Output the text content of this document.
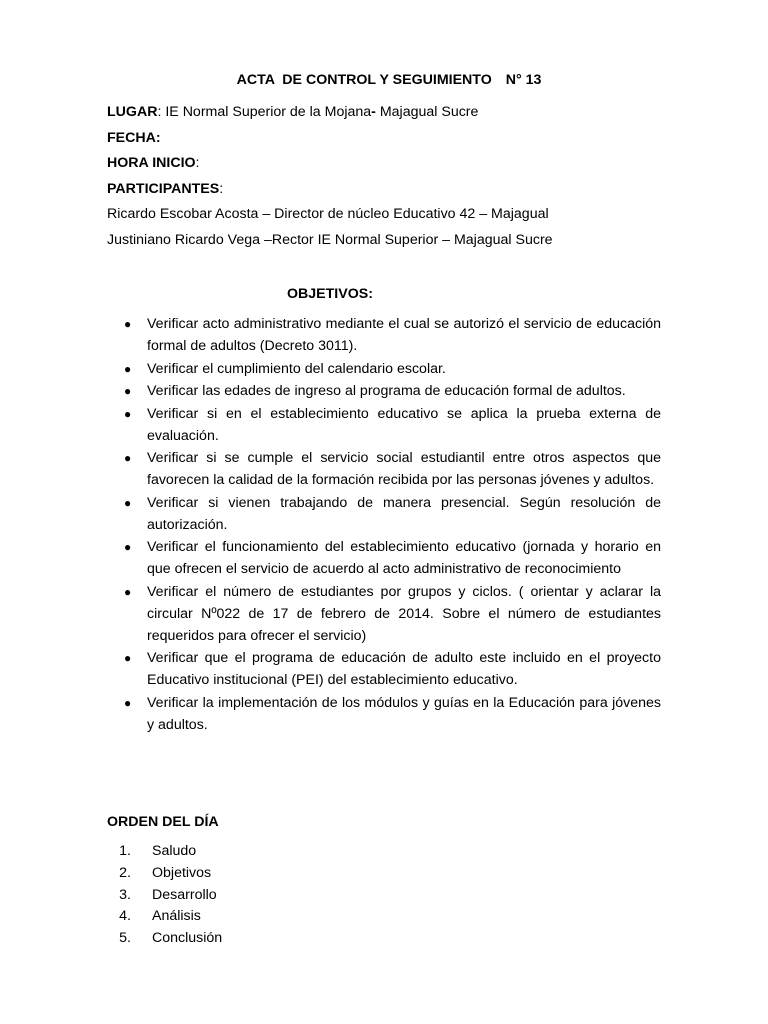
ACTA  DE CONTROL Y SEGUIMIENTO N° 13
LUGAR: IE Normal Superior de la Mojana- Majagual Sucre
FECHA:
HORA INICIO:
PARTICIPANTES:
Ricardo Escobar Acosta – Director de núcleo Educativo 42 – Majagual
Justiniano Ricardo Vega –Rector IE Normal Superior – Majagual Sucre
OBJETIVOS:
● Verificar acto administrativo mediante el cual se autorizó el servicio de educación formal de adultos (Decreto 3011).
● Verificar el cumplimiento del calendario escolar.
● Verificar las edades de ingreso al programa de educación formal de adultos.
● Verificar si en el establecimiento educativo se aplica la prueba externa de evaluación.
● Verificar si se cumple el servicio social estudiantil entre otros aspectos que favorecen la calidad de la formación recibida por las personas jóvenes y adultos.
● Verificar si vienen trabajando de manera presencial. Según resolución de autorización.
● Verificar el funcionamiento del establecimiento educativo (jornada y horario en que ofrecen el servicio de acuerdo al acto administrativo de reconocimiento
● Verificar el número de estudiantes por grupos y ciclos. ( orientar y aclarar la circular Nº022 de 17 de febrero de 2014. Sobre el número de estudiantes requeridos para ofrecer el servicio)
● Verificar que el programa de educación de adulto este incluido en el proyecto Educativo institucional (PEI) del establecimiento educativo.
● Verificar la implementación de los módulos y guías en la Educación para jóvenes y adultos.
ORDEN DEL DÍA
1. Saludo
2. Objetivos
3. Desarrollo
4. Análisis
5. Conclusión
